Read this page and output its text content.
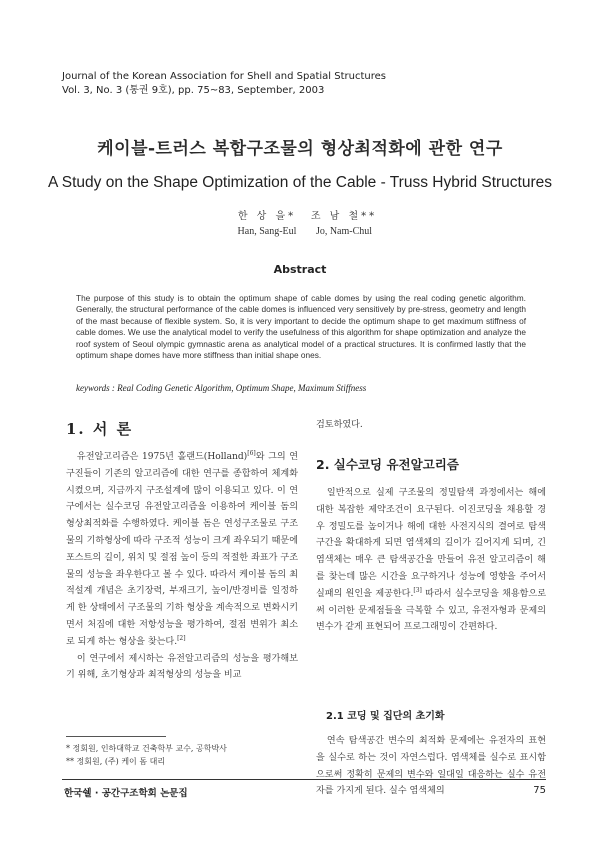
Journal of the Korean Association for Shell and Spatial Structures
Vol. 3, No. 3 (통권 9호), pp. 75~83, September, 2003
케이블-트러스 복합구조물의 형상최적화에 관한 연구
A Study on the Shape Optimization of the Cable - Truss Hybrid Structures
한 상 을*
Han, Sang-Eul
조 남 철**
Jo, Nam-Chul
Abstract
The purpose of this study is to obtain the optimum shape of cable domes by using the real coding genetic algorithm. Generally, the structural performance of the cable domes is influenced very sensitively by pre-stress, geometry and length of the mast because of flexible system. So, it is very important to decide the optimum shape to get maximum stiffness of cable domes. We use the analytical model to verify the usefulness of this algorithm for shape optimization and analyze the roof system of Seoul olympic gymnastic arena as analytical model of a practical structures. It is confirmed lastly that the optimum shape domes have more stiffness than initial shape ones.
keywords : Real Coding Genetic Algorithm, Optimum Shape, Maximum Stiffness
1. 서 론

유전알고리즘은 1975년 홀랜드(Holland)[6]와 그의 연구진들이 기존의 알고리즘에 대한 연구를 종합하여 체계화시켰으며, 지금까지 구조설계에 많이 이용되고 있다. 이 연구에서는 실수코딩 유전알고리즘을 이용하여 케이블 돔의 형상최적화를 수행하였다. 케이블 돔은 연성구조물로 구조물의 기하형상에 따라 구조적 성능이 크게 좌우되기 때문에 포스트의 길이, 위치 및 절점 높이 등의 적절한 좌표가 구조물의 성능을 좌우한다고 볼 수 있다. 따라서 케이블 돔의 최적설계 개념은 초기장력, 부재크기, 높이/반경비를 일정하게 한 상태에서 구조물의 기하 형상을 계속적으로 변화시키면서 처짐에 대한 저항성능을 평가하여, 절점 변위가 최소로 되게 하는 형상을 찾는다.[2]

이 연구에서 제시하는 유전알고리즘의 성능을 평가해보기 위해, 초기형상과 최적형상의 성능을 비교

검토하였다.

2. 실수코딩 유전알고리즘

일반적으로 실제 구조물의 정밀탐색 과정에서는 해에 대한 복잡한 제약조건이 요구된다. 이진코딩을 채용할 경우 정밀도를 높이거나 해에 대한 사전지식의 결여로 탐색구간을 확대하게 되면 염색체의 길이가 길어지게 되며, 긴 염색체는 매우 큰 탐색공간을 만들어 유전 알고리즘이 해를 찾는데 많은 시간을 요구하거나 성능에 영향을 주어서 실패의 원인을 제공한다.[3] 따라서 실수코딩을 채용함으로써 이러한 문제점들을 극복할 수 있고, 유전자형과 문제의 변수가 같게 표현되어 프로그래밍이 간편하다.

2.1 코딩 및 집단의 초기화

연속 탐색공간 변수의 최적화 문제에는 유전자의 표현을 실수로 하는 것이 자연스럽다. 염색체를 실수로 표시함으로써 정확히 문제의 변수와 일대일 대응하는 실수 유전자를 가지게 된다. 실수 염색체의

* 정회원, 인하대학교 건축학부 교수, 공학박사
** 정회원, (주) 케이 돔 대리
한국쉘 · 공간구조학회 논문집	75
